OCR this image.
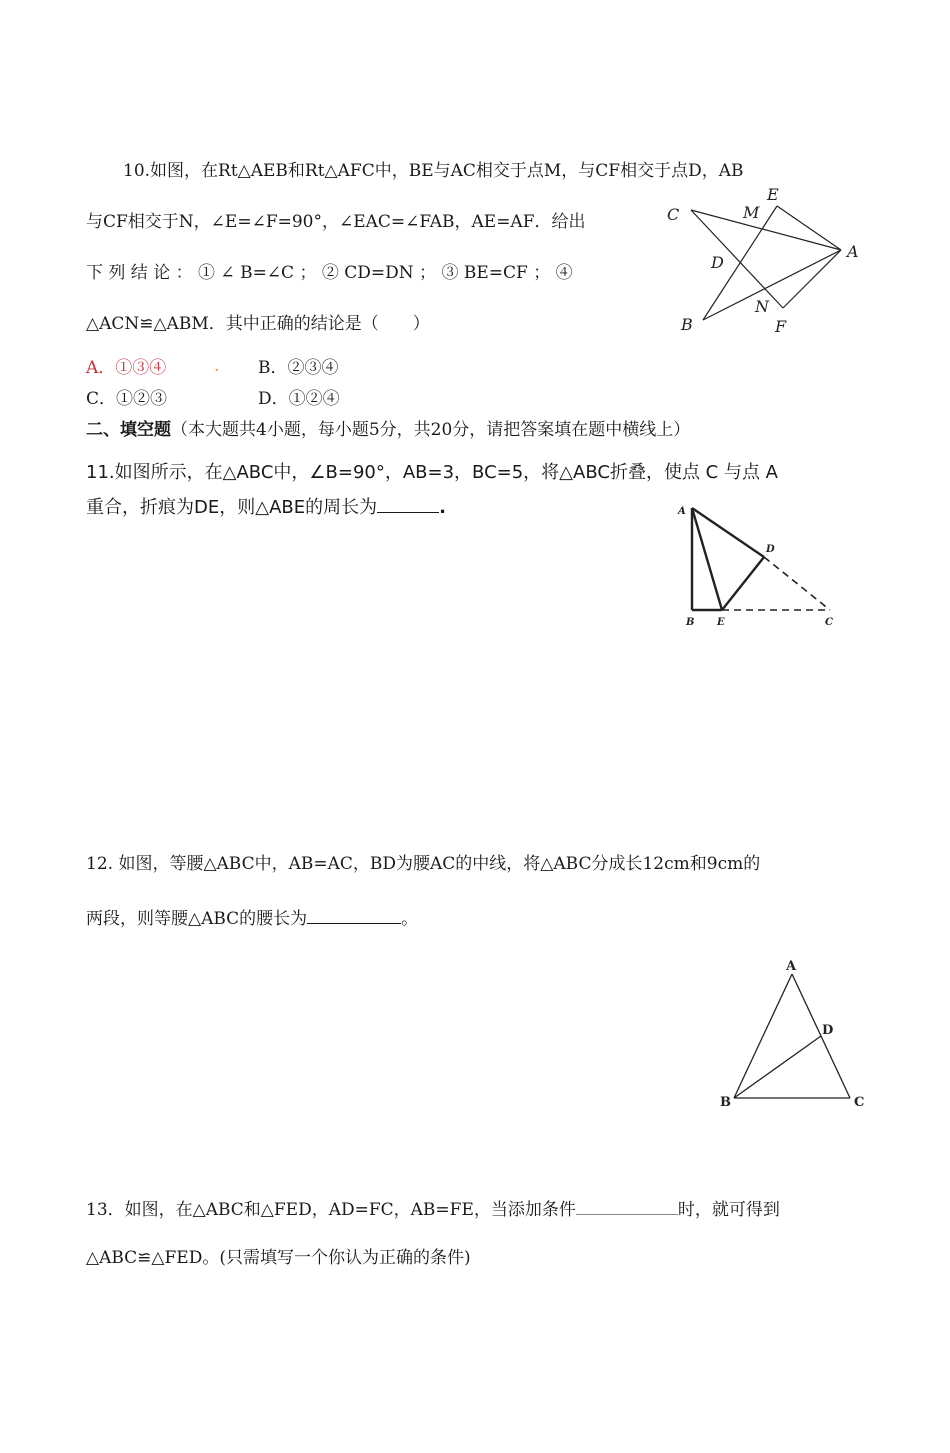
10.如图，在Rt△AEB和Rt△AFC中，BE与AC相交于点M，与CF相交于点D，AB
与CF相交于N，∠E=∠F=90°，∠EAC=∠FAB，AE=AF．给出
下 列 结 论 ： ① ∠ B=∠C ； ② CD=DN ； ③ BE=CF ； ④
△ACN≌△ABM．其中正确的结论是（　　）
A．①③④	. B．②③④
C．①②③	D．①②④
C
E
M
D
A
B
N
F
二、填空题（本大题共4小题，每小题5分，共20分，请把答案填在题中横线上）
11.如图所示，在△ABC中，∠B=90°，AB=3，BC=5，将△ABC折叠，使点 C 与点 A
重合，折痕为DE，则△ABE的周长为	.	A
D
B E	C
12. 如图，等腰△ABC中，AB=AC，BD为腰AC的中线，将△ABC分成长12cm和9cm的
两段，则等腰△ABC的腰长为	。
A
D
B	C
13．如图，在△ABC和△FED，AD=FC，AB=FE，当添加条件	时，就可得到
△ABC≌△FED。(只需填写一个你认为正确的条件)
